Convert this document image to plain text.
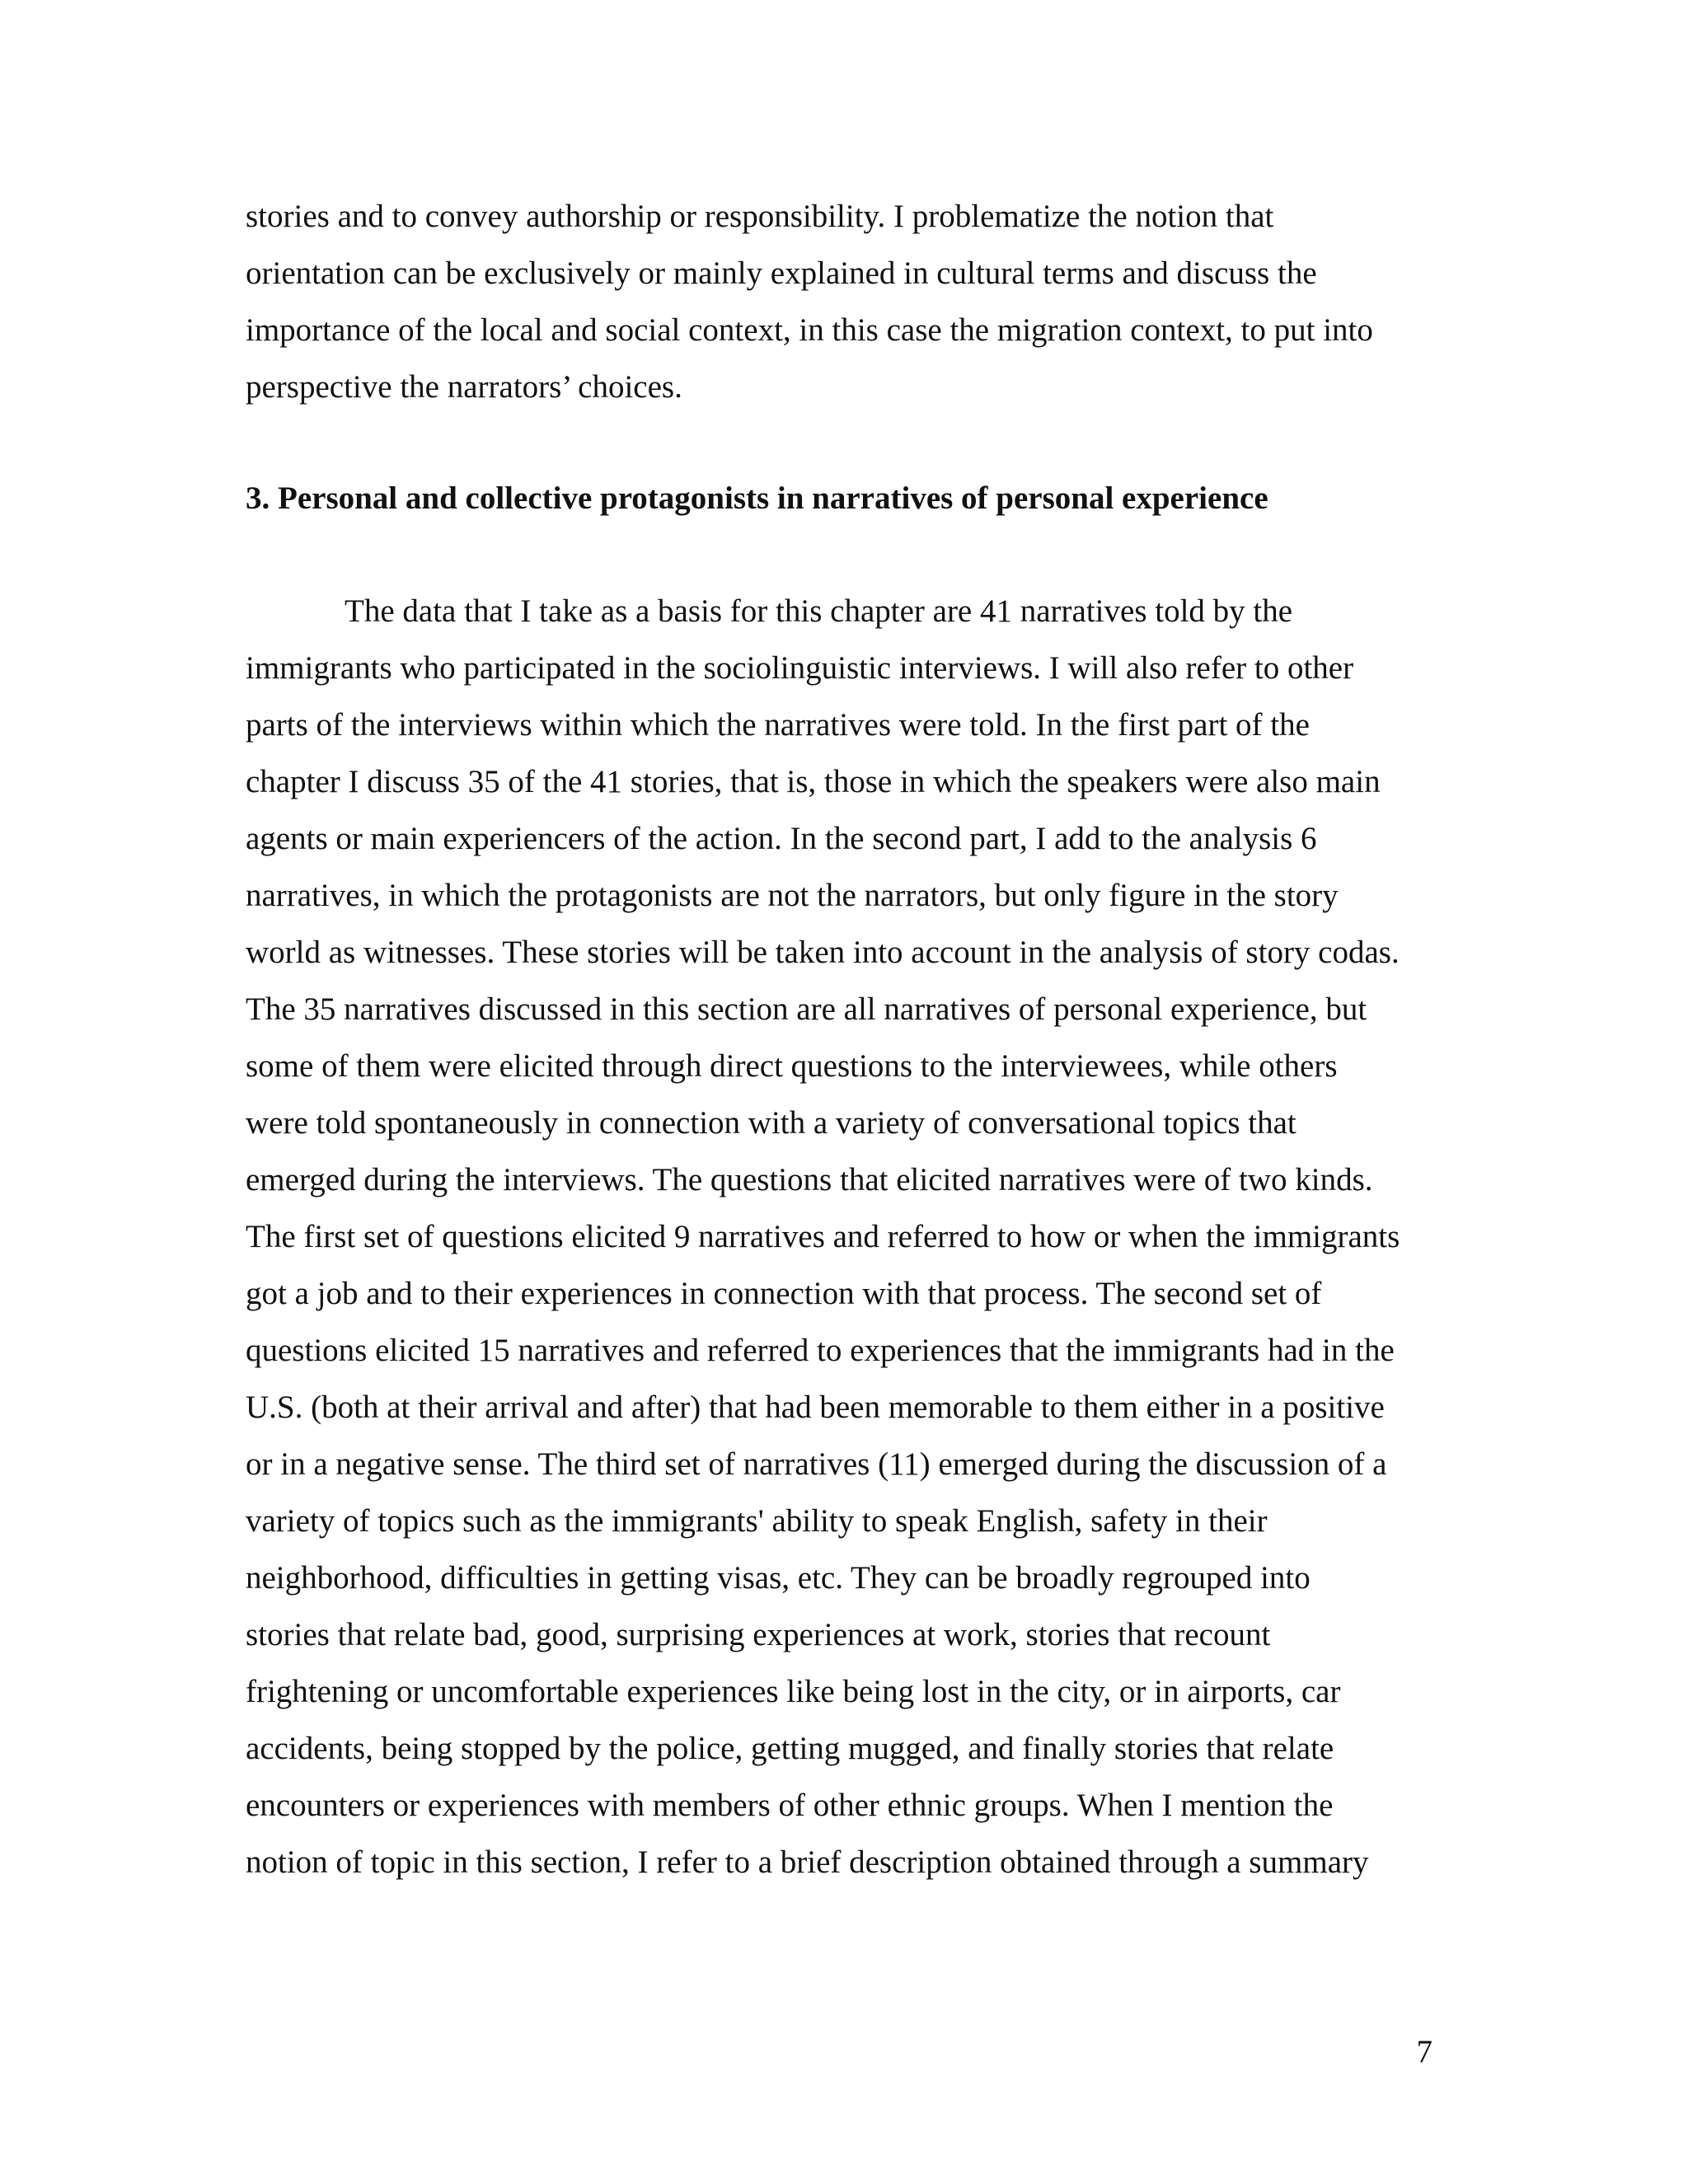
stories and to convey authorship or responsibility. I problematize the notion that
orientation can be exclusively or mainly explained in cultural terms and discuss the
importance of the local and social context, in this case the migration context, to put into
perspective the narrators’ choices.
3. Personal and collective protagonists in narratives of personal experience
The data that I take as a basis for this chapter are 41 narratives told by the
immigrants who participated in the sociolinguistic interviews. I will also refer to other
parts of the interviews within which the narratives were told. In the first part of the
chapter I discuss 35 of the 41 stories, that is, those in which the speakers were also main
agents or main experiencers of the action. In the second part, I add to the analysis 6
narratives, in which the protagonists are not the narrators, but only figure in the story
world as witnesses. These stories will be taken into account in the analysis of story codas.
The 35 narratives discussed in this section are all narratives of personal experience, but
some of them were elicited through direct questions to the interviewees, while others
were told spontaneously in connection with a variety of conversational topics that
emerged during the interviews. The questions that elicited narratives were of two kinds.
The first set of questions elicited 9 narratives and referred to how or when the immigrants
got a job and to their experiences in connection with that process. The second set of
questions elicited 15 narratives and referred to experiences that the immigrants had in the
U.S. (both at their arrival and after) that had been memorable to them either in a positive
or in a negative sense. The third set of narratives (11) emerged during the discussion of a
variety of topics such as the immigrants' ability to speak English, safety in their
neighborhood, difficulties in getting visas, etc. They can be broadly regrouped into
stories that relate bad, good, surprising experiences at work, stories that recount
frightening or uncomfortable experiences like being lost in the city, or in airports, car
accidents, being stopped by the police, getting mugged, and finally stories that relate
encounters or experiences with members of other ethnic groups. When I mention the
notion of topic in this section, I refer to a brief description obtained through a summary
7
